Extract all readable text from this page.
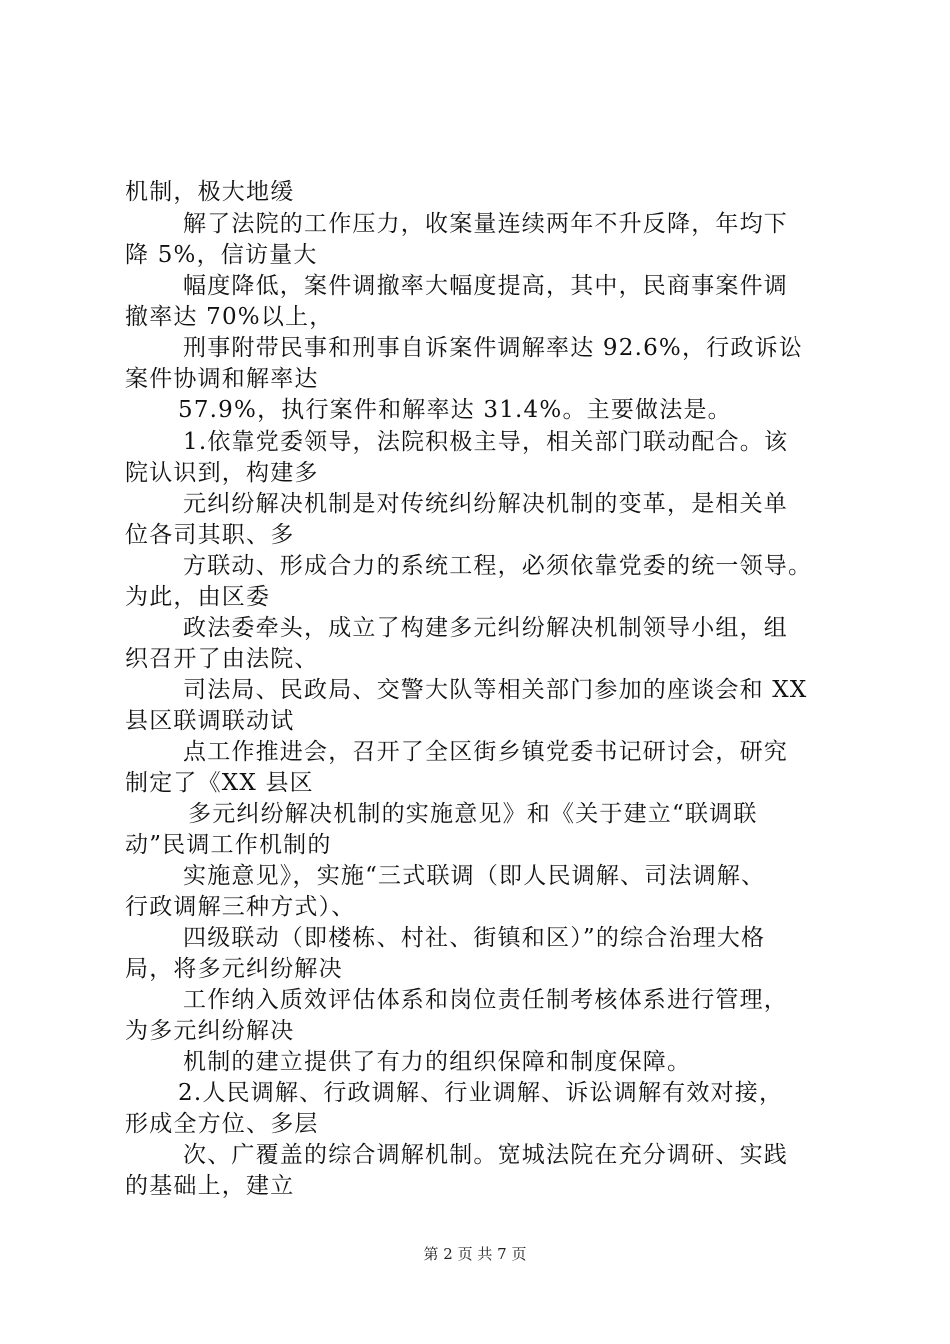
机制，极大地缓
解了法院的工作压力，收案量连续两年不升反降，年均下
降 5%，信访量大
幅度降低，案件调撤率大幅度提高，其中，民商事案件调
撤率达 70%以上，
刑事附带民事和刑事自诉案件调解率达 92.6%，行政诉讼
案件协调和解率达
57.9%，执行案件和解率达 31.4%。主要做法是。
1.依靠党委领导，法院积极主导，相关部门联动配合。该
院认识到，构建多
元纠纷解决机制是对传统纠纷解决机制的变革，是相关单
位各司其职、多
方联动、形成合力的系统工程，必须依靠党委的统一领导。
为此，由区委
政法委牵头，成立了构建多元纠纷解决机制领导小组，组
织召开了由法院、
司法局、民政局、交警大队等相关部门参加的座谈会和 XX
县区联调联动试
点工作推进会，召开了全区街乡镇党委书记研讨会，研究
制定了《XX 县区
多元纠纷解决机制的实施意见》和《关于建立“联调联
动”民调工作机制的
实施意见》，实施“三式联调（即人民调解、司法调解、
行政调解三种方式）、
四级联动（即楼栋、村社、街镇和区）”的综合治理大格
局，将多元纠纷解决
工作纳入质效评估体系和岗位责任制考核体系进行管理，
为多元纠纷解决
机制的建立提供了有力的组织保障和制度保障。
2.人民调解、行政调解、行业调解、诉讼调解有效对接，
形成全方位、多层
次、广覆盖的综合调解机制。宽城法院在充分调研、实践
的基础上，建立
第 2 页 共 7 页
